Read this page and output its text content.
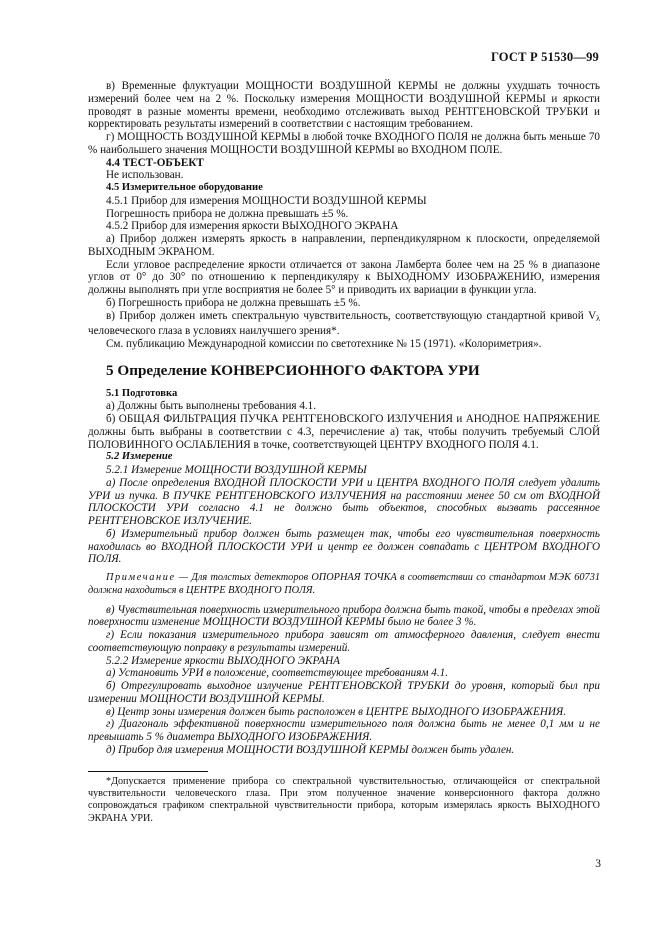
ГОСТ Р 51530—99

в) Временные флуктуации МОЩНОСТИ ВОЗДУШНОЙ КЕРМЫ не должны ухудшать точность измерений более чем на 2 %. Поскольку измерения МОЩНОСТИ ВОЗДУШНОЙ КЕРМЫ и яркости проводят в разные моменты времени, необходимо отслеживать выход РЕНТГЕНОВСКОЙ ТРУБКИ и корректировать результаты измерений в соответствии с настоящим требованием.

г) МОЩНОСТЬ ВОЗДУШНОЙ КЕРМЫ в любой точке ВХОДНОГО ПОЛЯ не должна быть меньше 70 % наибольшего значения МОЩНОСТИ ВОЗДУШНОЙ КЕРМЫ во ВХОДНОМ ПОЛЕ.

4.4 ТЕСТ-ОБЪЕКТ

Не использован.

4.5 Измерительное оборудование

4.5.1 Прибор для измерения МОЩНОСТИ ВОЗДУШНОЙ КЕРМЫ

Погрешность прибора не должна превышать ±5 %.

4.5.2 Прибор для измерения яркости ВЫХОДНОГО ЭКРАНА

а) Прибор должен измерять яркость в направлении, перпендикулярном к плоскости, определяемой ВЫХОДНЫМ ЭКРАНОМ.

Если угловое распределение яркости отличается от закона Ламберта более чем на 25 % в диапазоне углов от 0° до 30° по отношению к перпендикуляру к ВЫХОДНОМУ ИЗОБРАЖЕНИЮ, измерения должны выполнять при угле восприятия не более 5° и приводить их вариации в функции угла.

б) Погрешность прибора не должна превышать ±5 %.

в) Прибор должен иметь спектральную чувствительность, соответствующую стандартной кривой $V_\lambda$ человеческого глаза в условиях наилучшего зрения*.

См. публикацию Международной комиссии по светотехнике № 15 (1971). «Колориметрия».

5 Определение КОНВЕРСИОННОГО ФАКТОРА УРИ

5.1 Подготовка

а) Должны быть выполнены требования 4.1.

б) ОБЩАЯ ФИЛЬТРАЦИЯ ПУЧКА РЕНТГЕНОВСКОГО ИЗЛУЧЕНИЯ и АНОДНОЕ НАПРЯЖЕНИЕ должны быть выбраны в соответствии с 4.3, перечисление а) так, чтобы получить требуемый СЛОЙ ПОЛОВИННОГО ОСЛАБЛЕНИЯ в точке, соответствующей ЦЕНТРУ ВХОДНОГО ПОЛЯ 4.1.

5.2 Измерение

5.2.1 Измерение МОЩНОСТИ ВОЗДУШНОЙ КЕРМЫ

а) После определения ВХОДНОЙ ПЛОСКОСТИ УРИ и ЦЕНТРА ВХОДНОГО ПОЛЯ следует удалить УРИ из пучка. В ПУЧКЕ РЕНТГЕНОВСКОГО ИЗЛУЧЕНИЯ на расстоянии менее 50 см от ВХОДНОЙ ПЛОСКОСТИ УРИ согласно 4.1 не должно быть объектов, способных вызвать рассеянное РЕНТГЕНОВСКОЕ ИЗЛУЧЕНИЕ.

б) Измерительный прибор должен быть размещен так, чтобы его чувствительная поверхность находилась во ВХОДНОЙ ПЛОСКОСТИ УРИ и центр ее должен совпадать с ЦЕНТРОМ ВХОДНОГО ПОЛЯ.

Примечание — Для толстых детекторов ОПОРНАЯ ТОЧКА в соответствии со стандартом МЭК 60731 должна находиться в ЦЕНТРЕ ВХОДНОГО ПОЛЯ.

в) Чувствительная поверхность измерительного прибора должна быть такой, чтобы в пределах этой поверхности изменение МОЩНОСТИ ВОЗДУШНОЙ КЕРМЫ было не более 3 %.

г) Если показания измерительного прибора зависят от атмосферного давления, следует внести соответствующую поправку в результаты измерений.

5.2.2 Измерение яркости ВЫХОДНОГО ЭКРАНА

а) Установить УРИ в положение, соответствующее требованиям 4.1.

б) Отрегулировать выходное излучение РЕНТГЕНОВСКОЙ ТРУБКИ до уровня, который был при измерении МОЩНОСТИ ВОЗДУШНОЙ КЕРМЫ.

в) Центр зоны измерения должен быть расположен в ЦЕНТРЕ ВЫХОДНОГО ИЗОБРАЖЕНИЯ.

г) Диагональ эффективной поверхности измерительного поля должна быть не менее 0,1 мм и не превышать 5 % диаметра ВЫХОДНОГО ИЗОБРАЖЕНИЯ.

д) Прибор для измерения МОЩНОСТИ ВОЗДУШНОЙ КЕРМЫ должен быть удален.

*Допускается применение прибора со спектральной чувствительностью, отличающейся от спектральной чувствительности человеческого глаза. При этом полученное значение конверсионного фактора должно сопровождаться графиком спектральной чувствительности прибора, которым измерялась яркость ВЫХОДНОГО ЭКРАНА УРИ.

3
